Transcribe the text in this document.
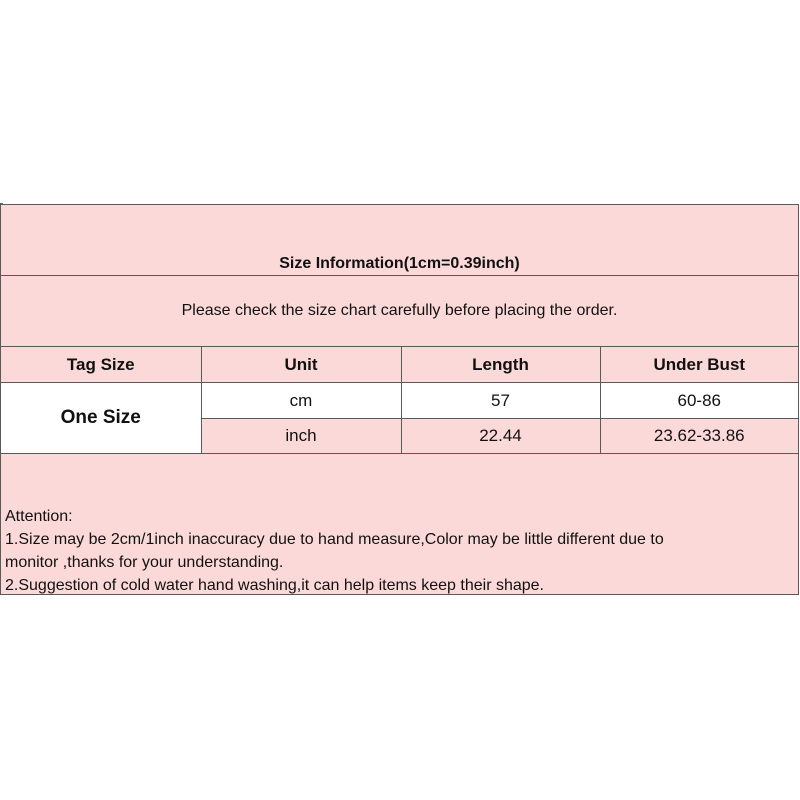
Size Information(1cm=0.39inch)
Please check the size chart carefully before placing the order.
Tag Size	Unit	Length	Under Bust
One Size	cm	57	60-86
	inch	22.44	23.62-33.86
Attention:
1.Size may be 2cm/1inch inaccuracy due to hand measure,Color may be little different due to
monitor ,thanks for your understanding.
2.Suggestion of cold water hand washing,it can help items keep their shape.
